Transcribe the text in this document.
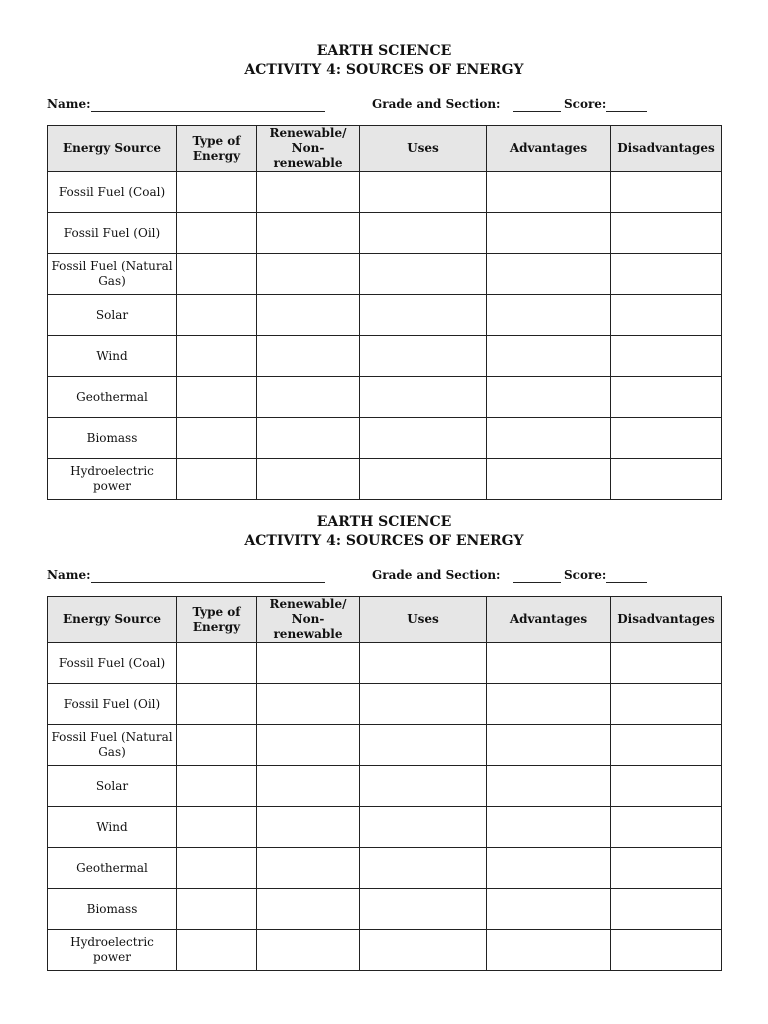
EARTH SCIENCE

ACTIVITY 4: SOURCES OF ENERGY

Name:	Grade and Section:	Score:
Energy Source	Type of Energy	Renewable/ Non-renewable	Uses	Advantages	Disadvantages
Fossil Fuel (Coal)					
Fossil Fuel (Oil)					
Fossil Fuel (Natural Gas)					
Solar					
Wind					
Geothermal					
Biomass					
Hydroelectric power					

EARTH SCIENCE

ACTIVITY 4: SOURCES OF ENERGY

Name:	Grade and Section:	Score:
Energy Source	Type of Energy	Renewable/ Non-renewable	Uses	Advantages	Disadvantages
Fossil Fuel (Coal)					
Fossil Fuel (Oil)					
Fossil Fuel (Natural Gas)					
Solar					
Wind					
Geothermal					
Biomass					
Hydroelectric power					
